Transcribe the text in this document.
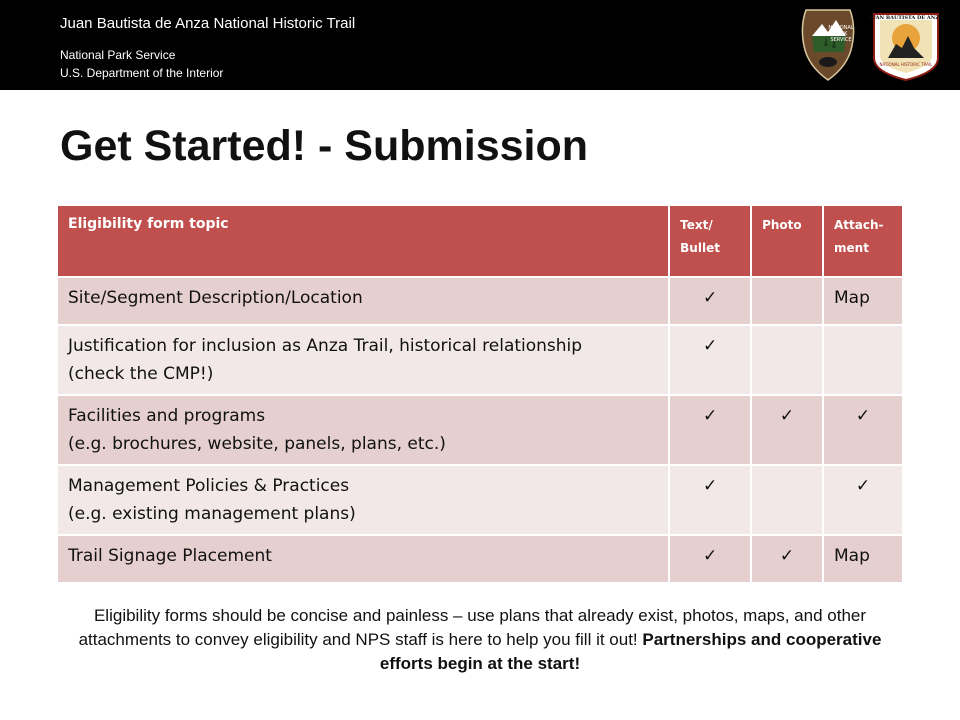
Juan Bautista de Anza National Historic Trail
National Park Service
U.S. Department of the Interior
NATIONAL
PARK
SERVICE
JUAN BAUTISTA DE ANZA
NATIONAL HISTORIC TRAIL
Get Started! - Submission
Eligibility form topic	Text/ Bullet	Photo	Attach- ment
Site/Segment Description/Location	✓		Map

Justification for inclusion as Anza Trail, historical relationship
(check the CMP!)	✓		

Facilities and programs
(e.g. brochures, website, panels, plans, etc.)	✓	✓	✓

Management Policies & Practices
(e.g. existing management plans)	✓		✓
Trail Signage Placement	✓	✓	Map

Eligibility forms should be concise and painless – use plans that already exist, photos, maps, and other attachments to convey eligibility and NPS staff is here to help you fill it out! Partnerships and cooperative efforts begin at the start!
